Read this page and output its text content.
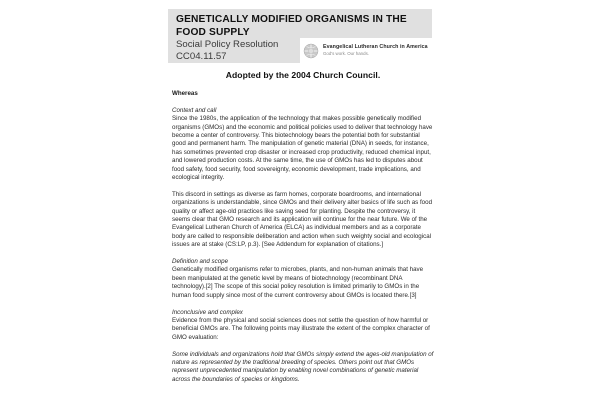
GENETICALLY MODIFIED ORGANISMS IN THE FOOD SUPPLY
Social Policy Resolution
CC04.11.57
Evangelical Lutheran Church in America
God's work. Our hands.
Adopted by the 2004 Church Council.
Whereas
Context and call

Since the 1980s, the application of the technology that makes possible genetically modified organisms (GMOs) and the economic and political policies used to deliver that technology have become a center of controversy. This biotechnology bears the potential both for substantial good and permanent harm. The manipulation of genetic material (DNA) in seeds, for instance, has sometimes prevented crop disaster or increased crop productivity, reduced chemical input, and lowered production costs. At the same time, the use of GMOs has led to disputes about food safety, food security, food sovereignty, economic development, trade implications, and ecological integrity.

This discord in settings as diverse as farm homes, corporate boardrooms, and international organizations is understandable, since GMOs and their delivery alter basics of life such as food quality or affect age-old practices like saving seed for planting. Despite the controversy, it seems clear that GMO research and its application will continue for the near future. We of the Evangelical Lutheran Church of America (ELCA) as individual members and as a corporate body are called to responsible deliberation and action when such weighty social and ecological issues are at stake (CS:LP, p.3). [See Addendum for explanation of citations.]

Definition and scope

Genetically modified organisms refer to microbes, plants, and non-human animals that have been manipulated at the genetic level by means of biotechnology (recombinant DNA technology).[2] The scope of this social policy resolution is limited primarily to GMOs in the human food supply since most of the current controversy about GMOs is located there.[3]

Inconclusive and complex

Evidence from the physical and social sciences does not settle the question of how harmful or beneficial GMOs are. The following points may illustrate the extent of the complex character of GMO evaluation:

Some individuals and organizations hold that GMOs simply extend the ages-old manipulation of nature as represented by the traditional breeding of species. Others point out that GMOs represent unprecedented manipulation by enabling novel combinations of genetic material across the boundaries of species or kingdoms.
